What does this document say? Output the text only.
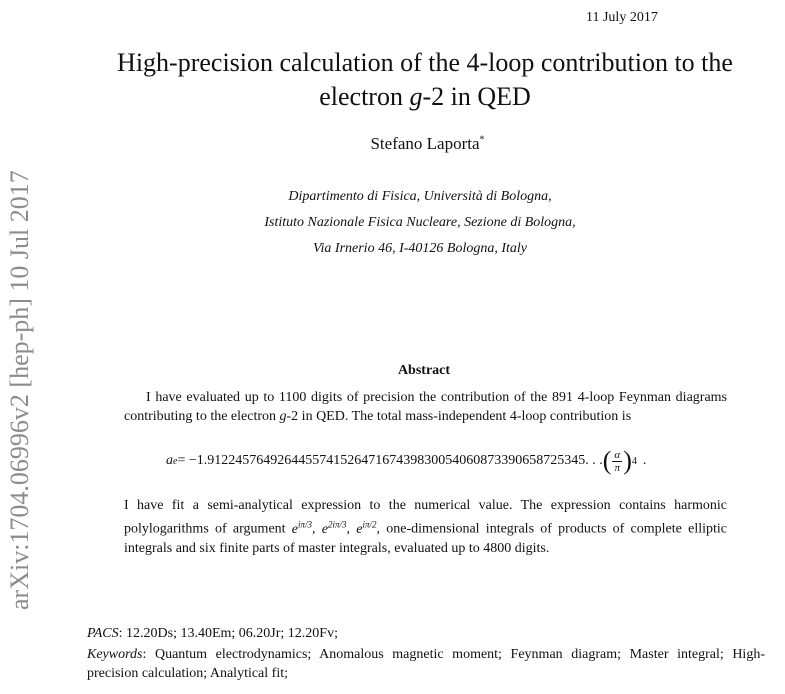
11 July 2017
High-precision calculation of the 4-loop contribution to the
electron g-2 in QED
Stefano Laporta*
Dipartimento di Fisica, Università di Bologna,
Istituto Nazionale Fisica Nucleare, Sezione di Bologna,
Via Irnerio 46, I-40126 Bologna, Italy
Abstract
I have evaluated up to 1100 digits of precision the contribution of the 891 4-loop Feynman diagrams contributing to the electron g-2 in QED. The total mass-independent 4-loop contribution is
a e = −1.912245764926445574152647167439830054060873390658725345. . . ( $\frac{\alpha}{\pi}$ ) 4 .
I have fit a semi-analytical expression to the numerical value. The expression contains harmonic polylogarithms of argument $e^{i\pi/3}$, $e^{2i\pi/3}$, $e^{i\pi/2}$, one-dimensional integrals of products of complete elliptic integrals and six finite parts of master integrals, evaluated up to 4800 digits.
PACS: 12.20Ds; 13.40Em; 06.20Jr; 12.20Fv;
Keywords: Quantum electrodynamics; Anomalous magnetic moment; Feynman diagram; Master integral; High-precision calculation; Analytical fit;
arXiv:1704.06996v2 [hep-ph] 10 Jul 2017
